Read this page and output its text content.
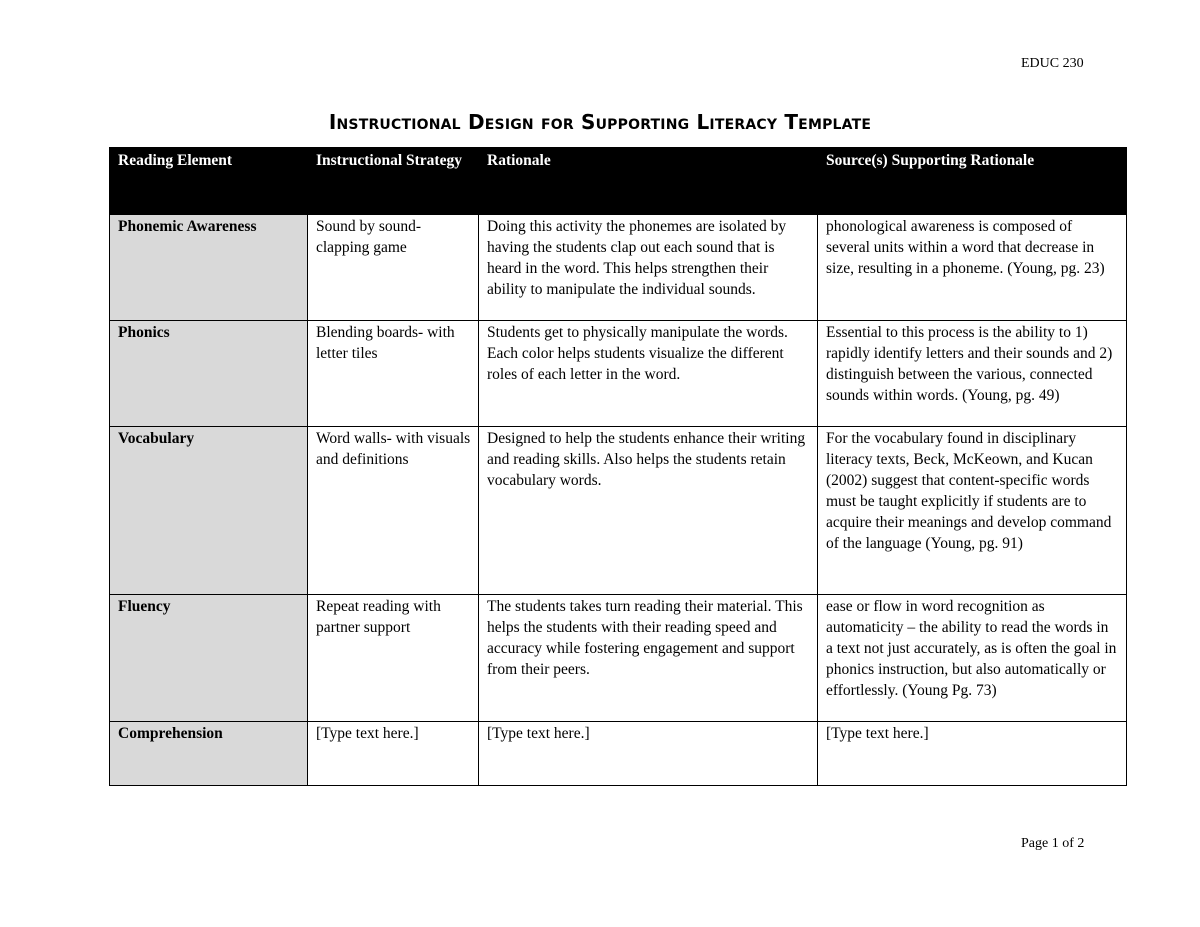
EDUC 230
Instructional Design for Supporting Literacy Template
Reading Element	Instructional Strategy	Rationale	Source(s) Supporting Rationale
Phonemic Awareness	Sound by sound- clapping game	Doing this activity the phonemes are isolated by having the students clap out each sound that is heard in the word. This helps strengthen their ability to manipulate the individual sounds.	phonological awareness is composed of several units within a word that decrease in size, resulting in a phoneme. (Young, pg. 23)
Phonics	Blending boards- with letter tiles	Students get to physically manipulate the words. Each color helps students visualize the different roles of each letter in the word.	Essential to this process is the ability to 1) rapidly identify letters and their sounds and 2) distinguish between the various, connected sounds within words. (Young, pg. 49)
Vocabulary	Word walls- with visuals and definitions	Designed to help the students enhance their writing and reading skills. Also helps the students retain vocabulary words.	For the vocabulary found in disciplinary literacy texts, Beck, McKeown, and Kucan (2002) suggest that content-specific words must be taught explicitly if students are to acquire their meanings and develop command of the language (Young, pg. 91)
Fluency	Repeat reading with partner support	The students takes turn reading their material. This helps the students with their reading speed and accuracy while fostering engagement and support from their peers.	ease or flow in word recognition as automaticity – the ability to read the words in a text not just accurately, as is often the goal in phonics instruction, but also automatically or effortlessly. (Young Pg. 73)
Comprehension	[Type text here.]	[Type text here.]	[Type text here.]
Page 1 of 2
